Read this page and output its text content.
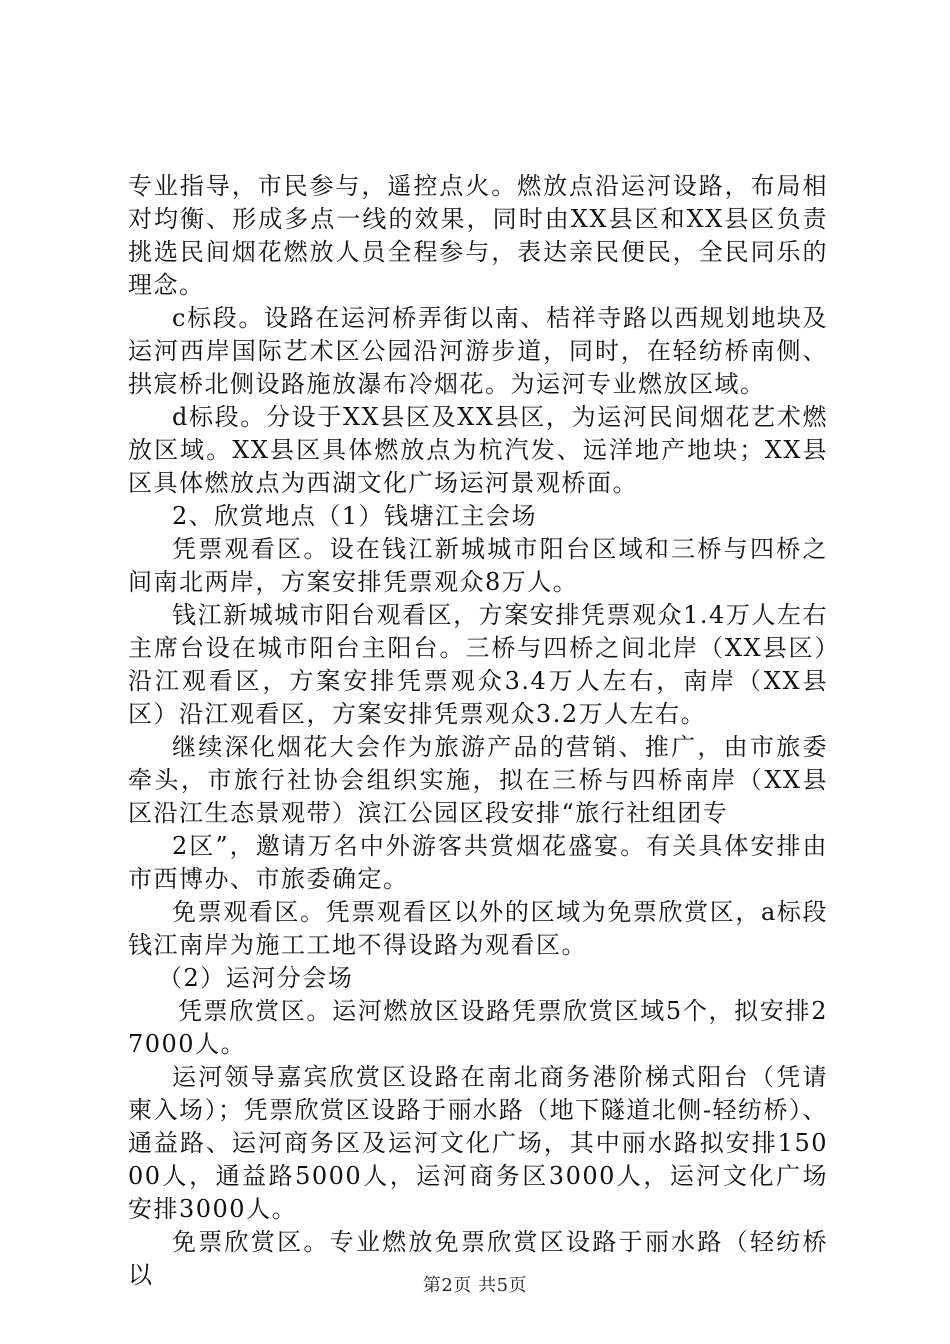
专业指导，市民参与，遥控点火。燃放点沿运河设路，布局相对均衡、形成多点一线的效果，同时由XX县区和XX县区负责挑选民间烟花燃放人员全程参与，表达亲民便民，全民同乐的理念。

c标段。设路在运河桥弄街以南、桔祥寺路以西规划地块及运河西岸国际艺术区公园沿河游步道，同时，在轻纺桥南侧、拱宸桥北侧设路施放瀑布冷烟花。为运河专业燃放区域。

d标段。分设于XX县区及XX县区，为运河民间烟花艺术燃放区域。XX县区具体燃放点为杭汽发、远洋地产地块；XX县区具体燃放点为西湖文化广场运河景观桥面。

2、欣赏地点（1）钱塘江主会场

凭票观看区。设在钱江新城城市阳台区域和三桥与四桥之间南北两岸，方案安排凭票观众8万人。

钱江新城城市阳台观看区，方案安排凭票观众1.4万人左右主席台设在城市阳台主阳台。三桥与四桥之间北岸（XX县区）沿江观看区，方案安排凭票观众3.4万人左右，南岸（XX县区）沿江观看区，方案安排凭票观众3.2万人左右。

继续深化烟花大会作为旅游产品的营销、推广，由市旅委牵头，市旅行社协会组织实施，拟在三桥与四桥南岸（XX县区沿江生态景观带）滨江公园区段安排“旅行社组团专

2区”，邀请万名中外游客共赏烟花盛宴。有关具体安排由市西博办、市旅委确定。

免票观看区。凭票观看区以外的区域为免票欣赏区，a标段钱江南岸为施工工地不得设路为观看区。

（2）运河分会场

凭票欣赏区。运河燃放区设路凭票欣赏区域5个，拟安排27000人。

运河领导嘉宾欣赏区设路在南北商务港阶梯式阳台（凭请柬入场）；凭票欣赏区设路于丽水路（地下隧道北侧-轻纺桥）、通益路、运河商务区及运河文化广场，其中丽水路拟安排15000人，通益路5000人，运河商务区3000人，运河文化广场安排3000人。

免票欣赏区。专业燃放免票欣赏区设路于丽水路（轻纺桥以	第2页 共5页
